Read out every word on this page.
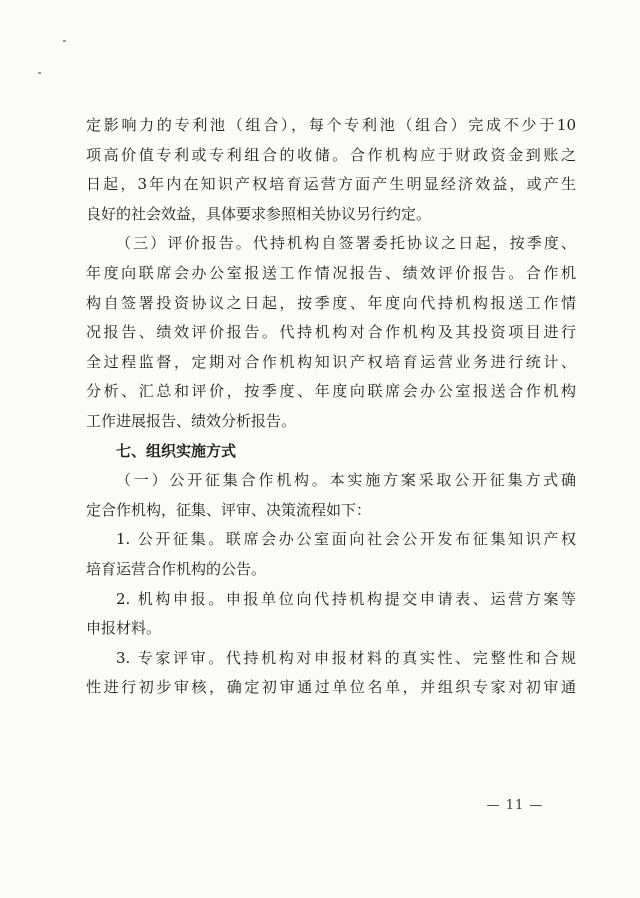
定影响力的专利池（组合），每个专利池（组合）完成不少于10

项高价值专利或专利组合的收储。合作机构应于财政资金到账之

日起，3年内在知识产权培育运营方面产生明显经济效益，或产生

良好的社会效益，具体要求参照相关协议另行约定。

（三）评价报告。代持机构自签署委托协议之日起，按季度、

年度向联席会办公室报送工作情况报告、绩效评价报告。合作机

构自签署投资协议之日起，按季度、年度向代持机构报送工作情

况报告、绩效评价报告。代持机构对合作机构及其投资项目进行

全过程监督，定期对合作机构知识产权培育运营业务进行统计、

分析、汇总和评价，按季度、年度向联席会办公室报送合作机构

工作进展报告、绩效分析报告。

七、组织实施方式

（一）公开征集合作机构。本实施方案采取公开征集方式确

定合作机构，征集、评审、决策流程如下：

1. 公开征集。联席会办公室面向社会公开发布征集知识产权

培育运营合作机构的公告。

2. 机构申报。申报单位向代持机构提交申请表、运营方案等

申报材料。

3. 专家评审。代持机构对申报材料的真实性、完整性和合规

性进行初步审核，确定初审通过单位名单，并组织专家对初审通

— 11 —
